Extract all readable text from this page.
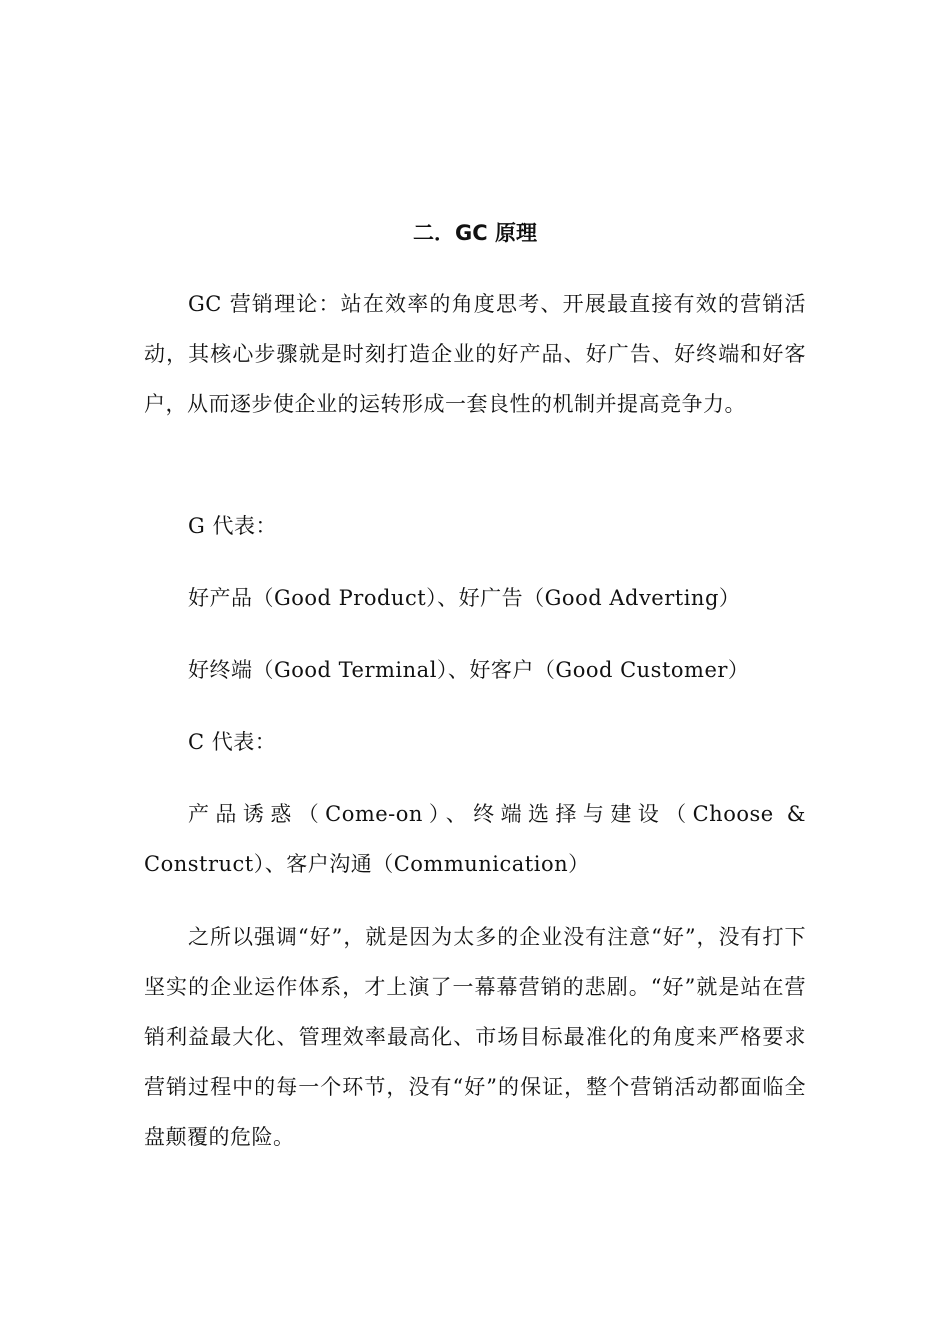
二．GC 原理

GC 营销理论：站在效率的角度思考、开展最直接有效的营销活动，其核心步骤就是时刻打造企业的好产品、好广告、好终端和好客户，从而逐步使企业的运转形成一套良性的机制并提高竞争力。

G 代表：

好产品（Good Product）、好广告（Good Adverting）

好终端（Good Terminal）、好客户（Good Customer）

C 代表：

产品诱惑（Come-on）、终端选择与建设（Choose & Construct）、客户沟通（Communication）

之所以强调“好”，就是因为太多的企业没有注意“好”，没有打下坚实的企业运作体系，才上演了一幕幕营销的悲剧。“好”就是站在营销利益最大化、管理效率最高化、市场目标最准化的角度来严格要求营销过程中的每一个环节，没有“好”的保证，整个营销活动都面临全盘颠覆的危险。
